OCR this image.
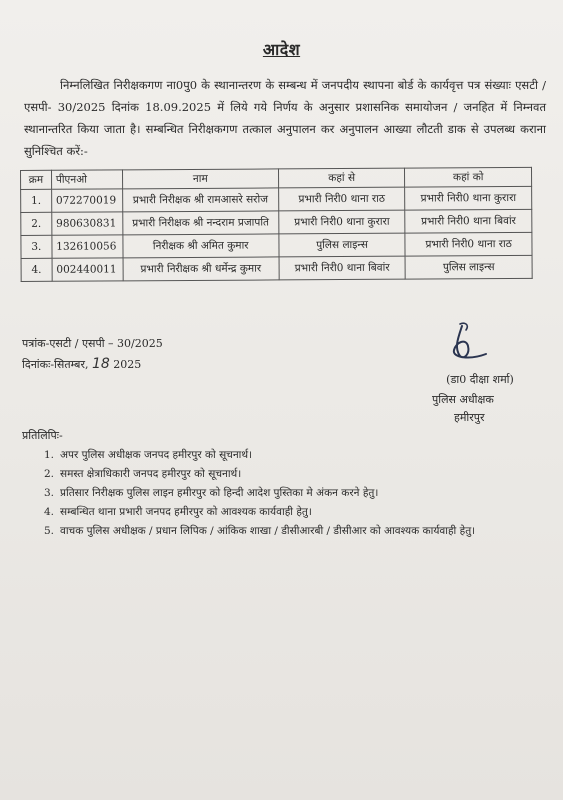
आदेश
निम्नलिखित निरीक्षकगण ना0पु0 के स्थानान्तरण के सम्बन्ध में जनपदीय स्थापना बोर्ड के कार्यवृत्त पत्र संख्याः एसटी / एसपी- 30/2025 दिनांक 18.09.2025 में लिये गये निर्णय के अनुसार प्रशासनिक समायोजन / जनहित में निम्नवत स्थानान्तरित किया जाता है। सम्बन्धित निरीक्षकगण तत्काल अनुपालन कर अनुपालन आख्या लौटती डाक से उपलब्ध कराना सुनिश्चित करें:-
क्रम	पीएनओ	नाम	कहां से	कहां को
1.	072270019	प्रभारी निरीक्षक श्री रामआसरे सरोज	प्रभारी निरी0 थाना राठ	प्रभारी निरी0 थाना कुरारा
2.	980630831	प्रभारी निरीक्षक श्री नन्दराम प्रजापति	प्रभारी निरी0 थाना कुरारा	प्रभारी निरी0 थाना बिवांर
3.	132610056	निरीक्षक श्री अमित कुमार	पुलिस लाइन्स	प्रभारी निरी0 थाना राठ
4.	002440011	प्रभारी निरीक्षक श्री धर्मेन्द्र कुमार	प्रभारी निरी0 थाना बिवांर	पुलिस लाइन्स
पत्रांक-एसटी / एसपी – 30/2025
दिनांकः-सितम्बर, 18 2025
(डा0 दीक्षा शर्मा)
पुलिस अधीक्षक
हमीरपुर
प्रतिलिपिः-
1. अपर पुलिस अधीक्षक जनपद हमीरपुर को सूचनार्थ।
2. समस्त क्षेत्राधिकारी जनपद हमीरपुर को सूचनार्थ।
3. प्रतिसार निरीक्षक पुलिस लाइन हमीरपुर को हिन्दी आदेश पुस्तिका मे अंकन करने हेतु।
4. सम्बन्धित थाना प्रभारी जनपद हमीरपुर को आवश्यक कार्यवाही हेतु।
5. वाचक पुलिस अधीक्षक / प्रधान लिपिक / आंकिक शाखा / डीसीआरबी / डीसीआर को आवश्यक कार्यवाही हेतु।
